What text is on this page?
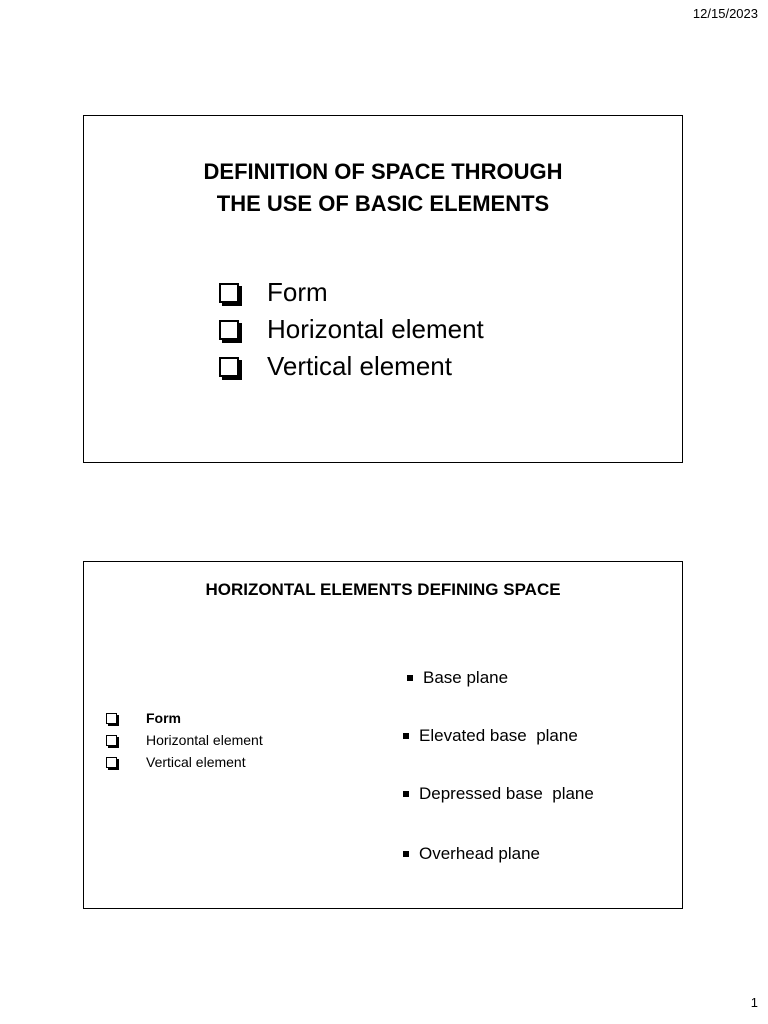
12/15/2023
DEFINITION OF SPACE THROUGH
THE USE OF BASIC ELEMENTS
Form
Horizontal element
Vertical element
HORIZONTAL ELEMENTS DEFINING SPACE
Form
Horizontal element
Vertical element
Base plane
Elevated base  plane
Depressed base  plane
Overhead plane
1
